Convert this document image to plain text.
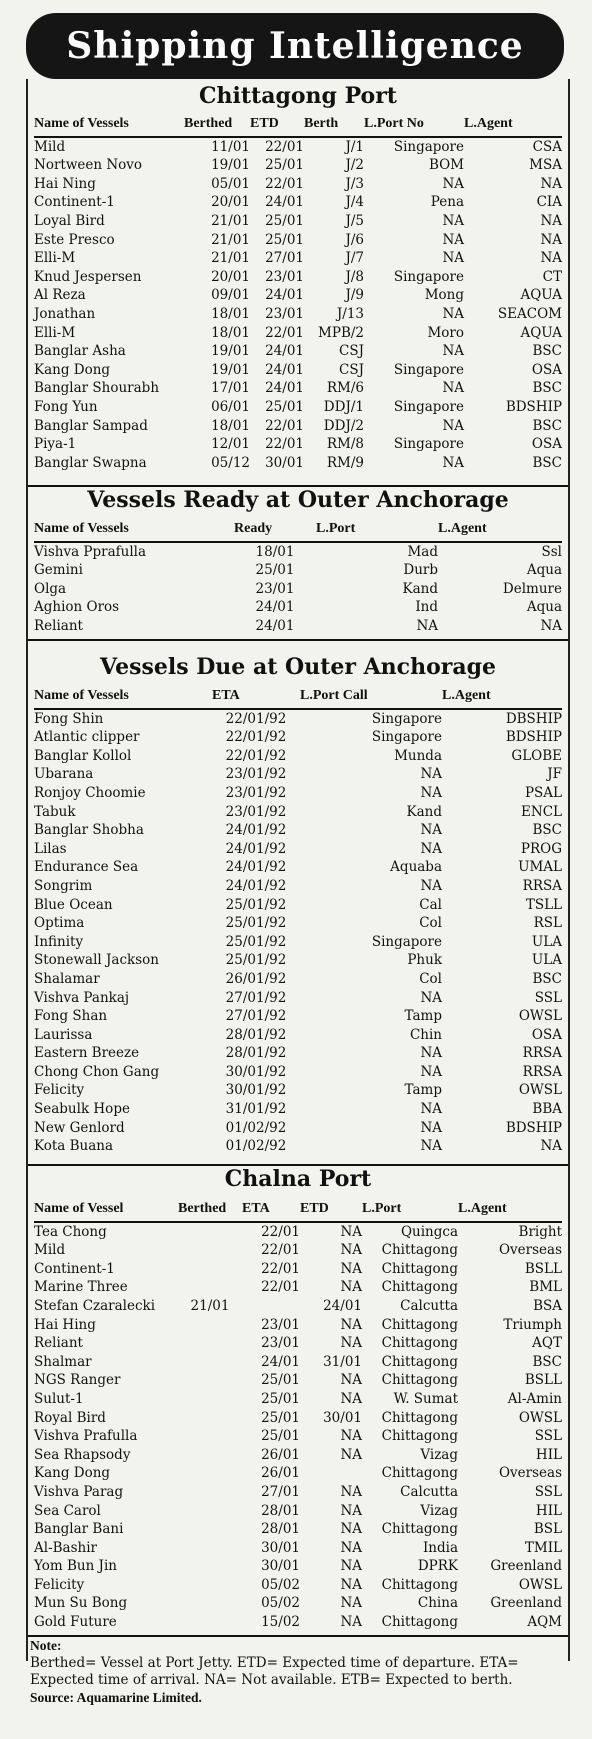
Shipping Intelligence
Chittagong Port
Name of Vessels	Berthed	ETD	Berth	L.Port No	L.Agent
Mild	11/01	22/01	J/1	Singapore	CSA
Nortween Novo	19/01	25/01	J/2	BOM	MSA
Hai Ning	05/01	22/01	J/3	NA	NA
Continent-1	20/01	24/01	J/4	Pena	CIA
Loyal Bird	21/01	25/01	J/5	NA	NA
Este Presco	21/01	25/01	J/6	NA	NA
Elli-M	21/01	27/01	J/7	NA	NA
Knud Jespersen	20/01	23/01	J/8	Singapore	CT
Al Reza	09/01	24/01	J/9	Mong	AQUA
Jonathan	18/01	23/01	J/13	NA	SEACOM
Elli-M	18/01	22/01	MPB/2	Moro	AQUA
Banglar Asha	19/01	24/01	CSJ	NA	BSC
Kang Dong	19/01	24/01	CSJ	Singapore	OSA
Banglar Shourabh	17/01	24/01	RM/6	NA	BSC
Fong Yun	06/01	25/01	DDJ/1	Singapore	BDSHIP
Banglar Sampad	18/01	22/01	DDJ/2	NA	BSC
Piya-1	12/01	22/01	RM/8	Singapore	OSA
Banglar Swapna	05/12	30/01	RM/9	NA	BSC
Vessels Ready at Outer Anchorage
Name of Vessels	Ready	L.Port	L.Agent
Vishva Pprafulla	18/01	Mad	Ssl
Gemini	25/01	Durb	Aqua
Olga	23/01	Kand	Delmure
Aghion Oros	24/01	Ind	Aqua
Reliant	24/01	NA	NA
Vessels Due at Outer Anchorage
Name of Vessels	ETA	L.Port Call	L.Agent
Fong Shin	22/01/92	Singapore	DBSHIP
Atlantic clipper	22/01/92	Singapore	BDSHIP
Banglar Kollol	22/01/92	Munda	GLOBE
Ubarana	23/01/92	NA	JF
Ronjoy Choomie	23/01/92	NA	PSAL
Tabuk	23/01/92	Kand	ENCL
Banglar Shobha	24/01/92	NA	BSC
Lilas	24/01/92	NA	PROG
Endurance Sea	24/01/92	Aquaba	UMAL
Songrim	24/01/92	NA	RRSA
Blue Ocean	25/01/92	Cal	TSLL
Optima	25/01/92	Col	RSL
Infinity	25/01/92	Singapore	ULA
Stonewall Jackson	25/01/92	Phuk	ULA
Shalamar	26/01/92	Col	BSC
Vishva Pankaj	27/01/92	NA	SSL
Fong Shan	27/01/92	Tamp	OWSL
Laurissa	28/01/92	Chin	OSA
Eastern Breeze	28/01/92	NA	RRSA
Chong Chon Gang	30/01/92	NA	RRSA
Felicity	30/01/92	Tamp	OWSL
Seabulk Hope	31/01/92	NA	BBA
New Genlord	01/02/92	NA	BDSHIP
Kota Buana	01/02/92	NA	NA
Chalna Port
Name of Vessel	Berthed	ETA	ETD	L.Port	L.Agent
Tea Chong		22/01	NA	Quingca	Bright
Mild		22/01	NA	Chittagong	Overseas
Continent-1		22/01	NA	Chittagong	BSLL
Marine Three		22/01	NA	Chittagong	BML
Stefan Czaralecki	21/01		24/01	Calcutta	BSA
Hai Hing		23/01	NA	Chittagong	Triumph
Reliant		23/01	NA	Chittagong	AQT
Shalmar		24/01	31/01	Chittagong	BSC
NGS Ranger		25/01	NA	Chittagong	BSLL
Sulut-1		25/01	NA	W. Sumat	Al-Amin
Royal Bird		25/01	30/01	Chittagong	OWSL
Vishva Prafulla		25/01	NA	Chittagong	SSL
Sea Rhapsody		26/01	NA	Vizag	HIL
Kang Dong		26/01		Chittagong	Overseas
Vishva Parag		27/01	NA	Calcutta	SSL
Sea Carol		28/01	NA	Vizag	HIL
Banglar Bani		28/01	NA	Chittagong	BSL
Al-Bashir		30/01	NA	India	TMIL
Yom Bun Jin		30/01	NA	DPRK	Greenland
Felicity		05/02	NA	Chittagong	OWSL
Mun Su Bong		05/02	NA	China	Greenland
Gold Future		15/02	NA	Chittagong	AQM
Note:
Berthed= Vessel at Port Jetty. ETD= Expected time of departure. ETA= Expected time of arrival. NA= Not available. ETB= Expected to berth.
Source: Aquamarine Limited.
